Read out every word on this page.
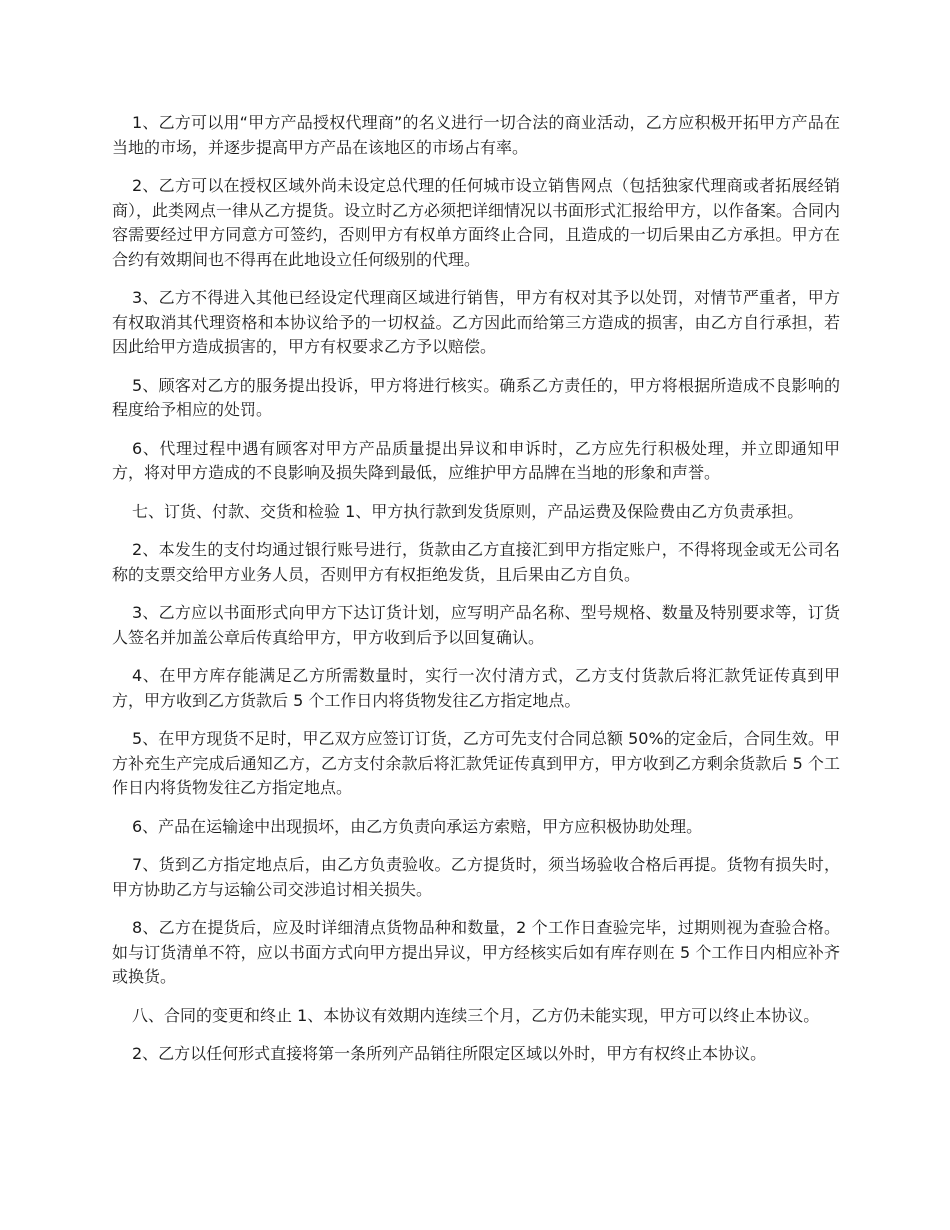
1、乙方可以用“甲方产品授权代理商”的名义进行一切合法的商业活动，乙方应积极开拓甲方产品在当地的市场，并逐步提高甲方产品在该地区的市场占有率。

2、乙方可以在授权区域外尚未设定总代理的任何城市设立销售网点（包括独家代理商或者拓展经销商），此类网点一律从乙方提货。设立时乙方必须把详细情况以书面形式汇报给甲方，以作备案。合同内容需要经过甲方同意方可签约，否则甲方有权单方面终止合同，且造成的一切后果由乙方承担。甲方在合约有效期间也不得再在此地设立任何级别的代理。

3、乙方不得进入其他已经设定代理商区域进行销售，甲方有权对其予以处罚，对情节严重者，甲方有权取消其代理资格和本协议给予的一切权益。乙方因此而给第三方造成的损害，由乙方自行承担，若因此给甲方造成损害的，甲方有权要求乙方予以赔偿。

5、顾客对乙方的服务提出投诉，甲方将进行核实。确系乙方责任的，甲方将根据所造成不良影响的程度给予相应的处罚。

6、代理过程中遇有顾客对甲方产品质量提出异议和申诉时，乙方应先行积极处理，并立即通知甲方，将对甲方造成的不良影响及损失降到最低，应维护甲方品牌在当地的形象和声誉。

七、订货、付款、交货和检验 1、甲方执行款到发货原则，产品运费及保险费由乙方负责承担。

2、本发生的支付均通过银行账号进行，货款由乙方直接汇到甲方指定账户，不得将现金或无公司名称的支票交给甲方业务人员，否则甲方有权拒绝发货，且后果由乙方自负。

3、乙方应以书面形式向甲方下达订货计划，应写明产品名称、型号规格、数量及特别要求等，订货人签名并加盖公章后传真给甲方，甲方收到后予以回复确认。

4、在甲方库存能满足乙方所需数量时，实行一次付清方式，乙方支付货款后将汇款凭证传真到甲方，甲方收到乙方货款后 5 个工作日内将货物发往乙方指定地点。

5、在甲方现货不足时，甲乙双方应签订订货，乙方可先支付合同总额 50%的定金后，合同生效。甲方补充生产完成后通知乙方，乙方支付余款后将汇款凭证传真到甲方，甲方收到乙方剩余货款后 5 个工作日内将货物发往乙方指定地点。

6、产品在运输途中出现损坏，由乙方负责向承运方索赔，甲方应积极协助处理。

7、货到乙方指定地点后，由乙方负责验收。乙方提货时，须当场验收合格后再提。货物有损失时，甲方协助乙方与运输公司交涉追讨相关损失。

8、乙方在提货后，应及时详细清点货物品种和数量，2 个工作日查验完毕，过期则视为查验合格。如与订货清单不符，应以书面方式向甲方提出异议，甲方经核实后如有库存则在 5 个工作日内相应补齐或换货。

八、合同的变更和终止 1、本协议有效期内连续三个月，乙方仍未能实现，甲方可以终止本协议。

2、乙方以任何形式直接将第一条所列产品销往所限定区域以外时，甲方有权终止本协议。
